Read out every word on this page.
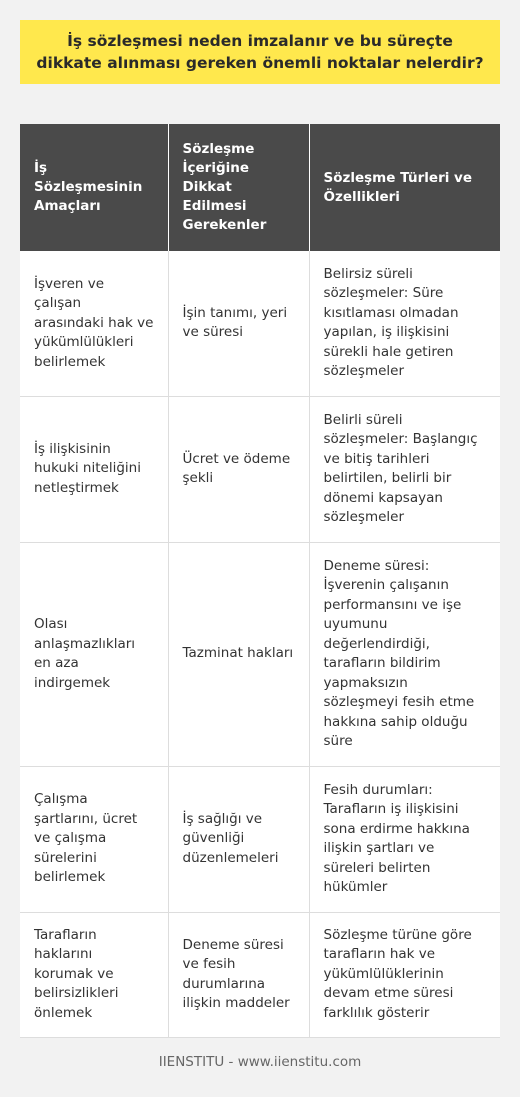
İş sözleşmesi neden imzalanır ve bu süreçte dikkate alınması gereken önemli noktalar nelerdir?
İş Sözleşmesinin Amaçları	Sözleşme İçeriğine Dikkat Edilmesi Gerekenler	Sözleşme Türleri ve Özellikleri
İşveren ve çalışan arasındaki hak ve yükümlülükleri belirlemek	İşin tanımı, yeri ve süresi	Belirsiz süreli sözleşmeler: Süre kısıtlaması olmadan yapılan, iş ilişkisini sürekli hale getiren sözleşmeler
İş ilişkisinin hukuki niteliğini netleştirmek	Ücret ve ödeme şekli	Belirli süreli sözleşmeler: Başlangıç ve bitiş tarihleri belirtilen, belirli bir dönemi kapsayan sözleşmeler
Olası anlaşmazlıkları en aza indirgemek	Tazminat hakları	Deneme süresi: İşverenin çalışanın performansını ve işe uyumunu değerlendirdiği, tarafların bildirim yapmaksızın sözleşmeyi fesih etme hakkına sahip olduğu süre
Çalışma şartlarını, ücret ve çalışma sürelerini belirlemek	İş sağlığı ve güvenliği düzenlemeleri	Fesih durumları: Tarafların iş ilişkisini sona erdirme hakkına ilişkin şartları ve süreleri belirten hükümler
Tarafların haklarını korumak ve belirsizlikleri önlemek	Deneme süresi ve fesih durumlarına ilişkin maddeler	Sözleşme türüne göre tarafların hak ve yükümlülüklerinin devam etme süresi farklılık gösterir
IIENSTITU - www.iienstitu.com
